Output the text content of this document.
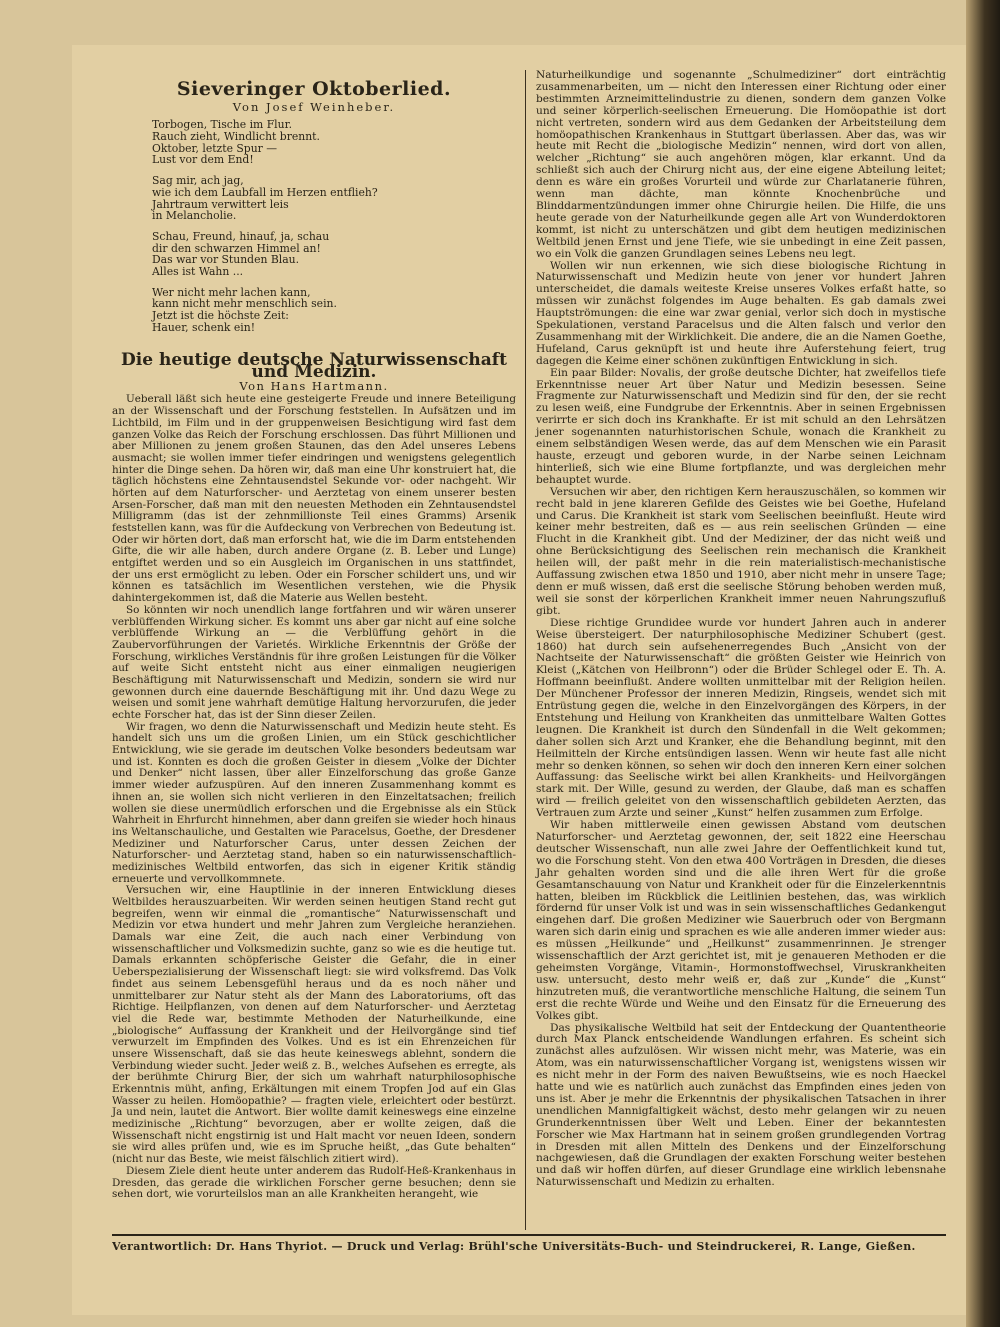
Sieveringer Oktoberlied.
Von Josef Weinheber.
Torbogen, Tische im Flur.
Rauch zieht, Windlicht brennt.
Oktober, letzte Spur —
Lust vor dem End!
Sag mir, ach jag,
wie ich dem Laubfall im Herzen entflieh?
Jahrtraum verwittert leis
in Melancholie.
Schau, Freund, hinauf, ja, schau
dir den schwarzen Himmel an!
Das war vor Stunden Blau.
Alles ist Wahn ...
Wer nicht mehr lachen kann,
kann nicht mehr menschlich sein.
Jetzt ist die höchste Zeit:
Hauer, schenk ein!
Die heutige deutsche Naturwissenschaft und Medizin.
Von Hans Hartmann.

Ueberall läßt sich heute eine gesteigerte Freude und innere Beteiligung an der Wissenschaft und der Forschung feststellen. In Aufsätzen und im Lichtbild, im Film und in der gruppenweisen Besichtigung wird fast dem ganzen Volke das Reich der Forschung erschlossen. Das führt Millionen und aber Millionen zu jenem großen Staunen, das den Adel unseres Lebens ausmacht; sie wollen immer tiefer eindringen und wenigstens gelegentlich hinter die Dinge sehen. Da hören wir, daß man eine Uhr konstruiert hat, die täglich höchstens eine Zehntausendstel Sekunde vor- oder nachgeht. Wir hörten auf dem Naturforscher- und Aerztetag von einem unserer besten Arsen-Forscher, daß man mit den neuesten Methoden ein Zehntausendstel Milligramm (das ist der zehnmillionste Teil eines Gramms) Arsenik feststellen kann, was für die Aufdeckung von Verbrechen von Bedeutung ist. Oder wir hörten dort, daß man erforscht hat, wie die im Darm entstehenden Gifte, die wir alle haben, durch andere Organe (z. B. Leber und Lunge) entgiftet werden und so ein Ausgleich im Organischen in uns stattfindet, der uns erst ermöglicht zu leben. Oder ein Forscher schildert uns, und wir können es tatsächlich im Wesentlichen verstehen, wie die Physik dahintergekommen ist, daß die Materie aus Wellen besteht.

So könnten wir noch unendlich lange fortfahren und wir wären unserer verblüffenden Wirkung sicher. Es kommt uns aber gar nicht auf eine solche verblüffende Wirkung an — die Verblüffung gehört in die Zaubervorführungen der Varietés. Wirkliche Erkenntnis der Größe der Forschung, wirkliches Verständnis für ihre großen Leistungen für die Völker auf weite Sicht entsteht nicht aus einer einmaligen neugierigen Beschäftigung mit Naturwissenschaft und Medizin, sondern sie wird nur gewonnen durch eine dauernde Beschäftigung mit ihr. Und dazu Wege zu weisen und somit jene wahrhaft demütige Haltung hervorzurufen, die jeder echte Forscher hat, das ist der Sinn dieser Zeilen.

Wir fragen, wo denn die Naturwissenschaft und Medizin heute steht. Es handelt sich uns um die großen Linien, um ein Stück geschichtlicher Entwicklung, wie sie gerade im deutschen Volke besonders bedeutsam war und ist. Konnten es doch die großen Geister in diesem „Volke der Dichter und Denker“ nicht lassen, über aller Einzelforschung das große Ganze immer wieder aufzuspüren. Auf den inneren Zusammenhang kommt es ihnen an, sie wollen sich nicht verlieren in den Einzeltatsachen; freilich wollen sie diese unermüdlich erforschen und die Ergebnisse als ein Stück Wahrheit in Ehrfurcht hinnehmen, aber dann greifen sie wieder hoch hinaus ins Weltanschauliche, und Gestalten wie Paracelsus, Goethe, der Dresdener Mediziner und Naturforscher Carus, unter dessen Zeichen der Naturforscher- und Aerztetag stand, haben so ein naturwissenschaftlich-medizinisches Weltbild entworfen, das sich in eigener Kritik ständig erneuerte und vervollkommnete.

Versuchen wir, eine Hauptlinie in der inneren Entwicklung dieses Weltbildes herauszuarbeiten. Wir werden seinen heutigen Stand recht gut begreifen, wenn wir einmal die „romantische“ Naturwissenschaft und Medizin vor etwa hundert und mehr Jahren zum Vergleiche heranziehen. Damals war eine Zeit, die auch nach einer Verbindung von wissenschaftlicher und Volksmedizin suchte, ganz so wie es die heutige tut. Damals erkannten schöpferische Geister die Gefahr, die in einer Ueberspezialisierung der Wissenschaft liegt: sie wird volksfremd. Das Volk findet aus seinem Lebensgefühl heraus und da es noch näher und unmittelbarer zur Natur steht als der Mann des Laboratoriums, oft das Richtige. Heilpflanzen, von denen auf dem Naturforscher- und Aerztetag viel die Rede war, bestimmte Methoden der Naturheilkunde, eine „biologische“ Auffassung der Krankheit und der Heilvorgänge sind tief verwurzelt im Empfinden des Volkes. Und es ist ein Ehrenzeichen für unsere Wissenschaft, daß sie das heute keineswegs ablehnt, sondern die Verbindung wieder sucht. Jeder weiß z. B., welches Aufsehen es erregte, als der berühmte Chirurg Bier, der sich um wahrhaft naturphilosophische Erkenntnis müht, anfing, Erkältungen mit einem Tropfen Jod auf ein Glas Wasser zu heilen. Homöopathie? — fragten viele, erleichtert oder bestürzt. Ja und nein, lautet die Antwort. Bier wollte damit keineswegs eine einzelne medizinische „Richtung“ bevorzugen, aber er wollte zeigen, daß die Wissenschaft nicht engstirnig ist und Halt macht vor neuen Ideen, sondern sie wird alles prüfen und, wie es im Spruche heißt, „das Gute behalten“ (nicht nur das Beste, wie meist fälschlich zitiert wird).

Diesem Ziele dient heute unter anderem das Rudolf-Heß-Krankenhaus in Dresden, das gerade die wirklichen Forscher gerne besuchen; denn sie sehen dort, wie vorurteilslos man an alle Krankheiten herangeht, wie

Naturheilkundige und sogenannte „Schulmediziner“ dort einträchtig zusammenarbeiten, um — nicht den Interessen einer Richtung oder einer bestimmten Arzneimittelindustrie zu dienen, sondern dem ganzen Volke und seiner körperlich-seelischen Erneuerung. Die Homöopathie ist dort nicht vertreten, sondern wird aus dem Gedanken der Arbeitsteilung dem homöopathischen Krankenhaus in Stuttgart überlassen. Aber das, was wir heute mit Recht die „biologische Medizin“ nennen, wird dort von allen, welcher „Richtung“ sie auch angehören mögen, klar erkannt. Und da schließt sich auch der Chirurg nicht aus, der eine eigene Abteilung leitet; denn es wäre ein großes Vorurteil und würde zur Charlatanerie führen, wenn man dächte, man könnte Knochenbrüche und Blinddarmentzündungen immer ohne Chirurgie heilen. Die Hilfe, die uns heute gerade von der Naturheilkunde gegen alle Art von Wunderdoktoren kommt, ist nicht zu unterschätzen und gibt dem heutigen medizinischen Weltbild jenen Ernst und jene Tiefe, wie sie unbedingt in eine Zeit passen, wo ein Volk die ganzen Grundlagen seines Lebens neu legt.

Wollen wir nun erkennen, wie sich diese biologische Richtung in Naturwissenschaft und Medizin heute von jener vor hundert Jahren unterscheidet, die damals weiteste Kreise unseres Volkes erfaßt hatte, so müssen wir zunächst folgendes im Auge behalten. Es gab damals zwei Hauptströmungen: die eine war zwar genial, verlor sich doch in mystische Spekulationen, verstand Paracelsus und die Alten falsch und verlor den Zusammenhang mit der Wirklichkeit. Die andere, die an die Namen Goethe, Hufeland, Carus geknüpft ist und heute ihre Auferstehung feiert, trug dagegen die Keime einer schönen zukünftigen Entwicklung in sich.

Ein paar Bilder: Novalis, der große deutsche Dichter, hat zweifellos tiefe Erkenntnisse neuer Art über Natur und Medizin besessen. Seine Fragmente zur Naturwissenschaft und Medizin sind für den, der sie recht zu lesen weiß, eine Fundgrube der Erkenntnis. Aber in seinen Ergebnissen verirrte er sich doch ins Krankhafte. Er ist mit schuld an den Lehrsätzen jener sogenannten naturhistorischen Schule, wonach die Krankheit zu einem selbständigen Wesen werde, das auf dem Menschen wie ein Parasit hauste, erzeugt und geboren wurde, in der Narbe seinen Leichnam hinterließ, sich wie eine Blume fortpflanzte, und was dergleichen mehr behauptet wurde.

Versuchen wir aber, den richtigen Kern herauszuschälen, so kommen wir recht bald in jene klareren Gefilde des Geistes wie bei Goethe, Hufeland und Carus. Die Krankheit ist stark vom Seelischen beeinflußt. Heute wird keiner mehr bestreiten, daß es — aus rein seelischen Gründen — eine Flucht in die Krankheit gibt. Und der Mediziner, der das nicht weiß und ohne Berücksichtigung des Seelischen rein mechanisch die Krankheit heilen will, der paßt mehr in die rein materialistisch-mechanistische Auffassung zwischen etwa 1850 und 1910, aber nicht mehr in unsere Tage; denn er muß wissen, daß erst die seelische Störung behoben werden muß, weil sie sonst der körperlichen Krankheit immer neuen Nahrungszufluß gibt.

Diese richtige Grundidee wurde vor hundert Jahren auch in anderer Weise übersteigert. Der naturphilosophische Mediziner Schubert (gest. 1860) hat durch sein aufsehenerregendes Buch „Ansicht von der Nachtseite der Naturwissenschaft“ die größten Geister wie Heinrich von Kleist („Kätchen von Heilbronn“) oder die Brüder Schlegel oder E. Th. A. Hoffmann beeinflußt. Andere wollten unmittelbar mit der Religion heilen. Der Münchener Professor der inneren Medizin, Ringseis, wendet sich mit Entrüstung gegen die, welche in den Einzelvorgängen des Körpers, in der Entstehung und Heilung von Krankheiten das unmittelbare Walten Gottes leugnen. Die Krankheit ist durch den Sündenfall in die Welt gekommen; daher sollen sich Arzt und Kranker, ehe die Behandlung beginnt, mit den Heilmitteln der Kirche entsündigen lassen. Wenn wir heute fast alle nicht mehr so denken können, so sehen wir doch den inneren Kern einer solchen Auffassung: das Seelische wirkt bei allen Krankheits- und Heilvorgängen stark mit. Der Wille, gesund zu werden, der Glaube, daß man es schaffen wird — freilich geleitet von den wissenschaftlich gebildeten Aerzten, das Vertrauen zum Arzte und seiner „Kunst“ helfen zusammen zum Erfolge.

Wir haben mittlerweile einen gewissen Abstand vom deutschen Naturforscher- und Aerztetag gewonnen, der, seit 1822 eine Heerschau deutscher Wissenschaft, nun alle zwei Jahre der Oeffentlichkeit kund tut, wo die Forschung steht. Von den etwa 400 Vorträgen in Dresden, die dieses Jahr gehalten worden sind und die alle ihren Wert für die große Gesamtanschauung von Natur und Krankheit oder für die Einzelerkenntnis hatten, bleiben im Rückblick die Leitlinien bestehen, das, was wirklich fördernd für unser Volk ist und was in sein wissenschaftliches Gedankengut eingehen darf. Die großen Mediziner wie Sauerbruch oder von Bergmann waren sich darin einig und sprachen es wie alle anderen immer wieder aus: es müssen „Heilkunde“ und „Heilkunst“ zusammenrinnen. Je strenger wissenschaftlich der Arzt gerichtet ist, mit je genaueren Methoden er die geheimsten Vorgänge, Vitamin-, Hormonstoffwechsel, Viruskrankheiten usw. untersucht, desto mehr weiß er, daß zur „Kunde“ die „Kunst“ hinzutreten muß, die verantwortliche menschliche Haltung, die seinem Tun erst die rechte Würde und Weihe und den Einsatz für die Erneuerung des Volkes gibt.

Das physikalische Weltbild hat seit der Entdeckung der Quantentheorie durch Max Planck entscheidende Wandlungen erfahren. Es scheint sich zunächst alles aufzulösen. Wir wissen nicht mehr, was Materie, was ein Atom, was ein naturwissenschaftlicher Vorgang ist, wenigstens wissen wir es nicht mehr in der Form des naiven Bewußtseins, wie es noch Haeckel hatte und wie es natürlich auch zunächst das Empfinden eines jeden von uns ist. Aber je mehr die Erkenntnis der physikalischen Tatsachen in ihrer unendlichen Mannigfaltigkeit wächst, desto mehr gelangen wir zu neuen Grunderkenntnissen über Welt und Leben. Einer der bekanntesten Forscher wie Max Hartmann hat in seinem großen grundlegenden Vortrag in Dresden mit allen Mitteln des Denkens und der Einzelforschung nachgewiesen, daß die Grundlagen der exakten Forschung weiter bestehen und daß wir hoffen dürfen, auf dieser Grundlage eine wirklich lebensnahe Naturwissenschaft und Medizin zu erhalten.

Verantwortlich: Dr. Hans Thyriot. — Druck und Verlag: Brühl'sche Universitäts-Buch- und Steindruckerei, R. Lange, Gießen.
